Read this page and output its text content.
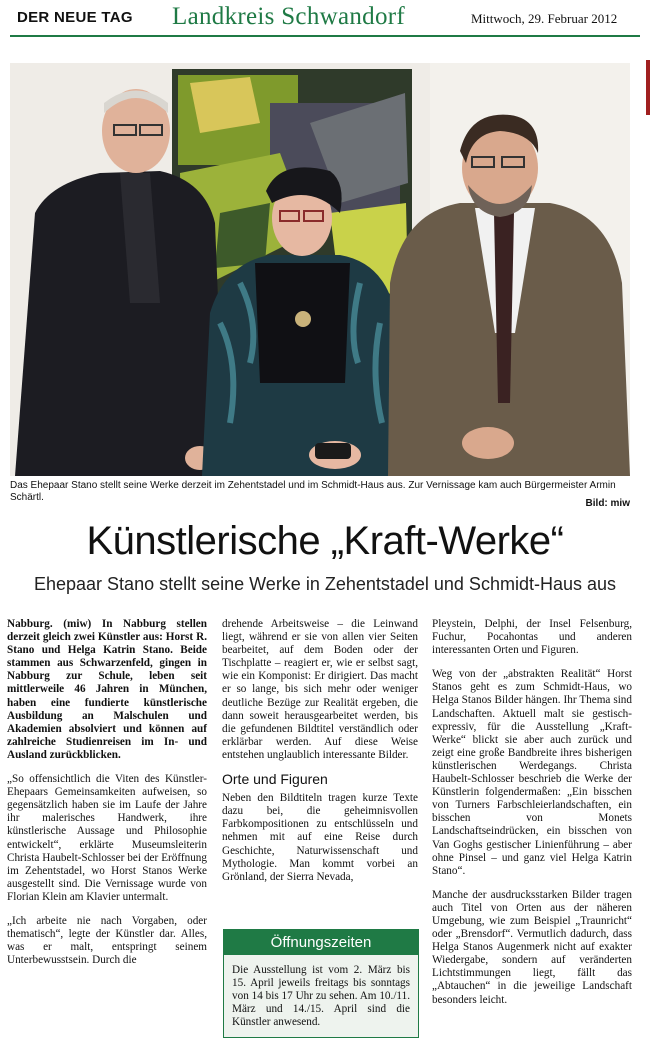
DER NEUE TAG Landkreis Schwandorf	Mittwoch, 29. Februar 2012
Das Ehepaar Stano stellt seine Werke derzeit im Zehentstadel und im Schmidt-Haus aus. Zur Vernissage kam auch Bürgermeister Armin Schärtl.
Bild: miw
Künstlerische „Kraft-Werke“
Ehepaar Stano stellt seine Werke in Zehentstadel und Schmidt-Haus aus

Nabburg. (miw) In Nabburg stellen derzeit gleich zwei Künstler aus: Horst R. Stano und Helga Katrin Stano. Beide stammen aus Schwarzenfeld, gingen in Nabburg zur Schule, leben seit mittlerweile 46 Jahren in München, haben eine fundierte künstlerische Ausbildung an Malschulen und Akademien absolviert und können auf zahlreiche Studienreisen im In- und Ausland zurückblicken.

„So offensichtlich die Viten des Künstler-Ehepaars Gemeinsamkeiten aufweisen, so gegensätzlich haben sie im Laufe der Jahre ihr malerisches Handwerk, ihre künstlerische Aussage und Philosophie entwickelt“, erklärte Museumsleiterin Christa Haubelt-Schlosser bei der Eröffnung im Zehentstadel, wo Horst Stanos Werke ausgestellt sind. Die Vernissage wurde von Florian Klein am Klavier untermalt.

„Ich arbeite nie nach Vorgaben, oder thematisch“, legte der Künstler dar. Alles, was er malt, entspringt seinem Unterbewusstsein. Durch die

drehende Arbeitsweise – die Leinwand liegt, während er sie von allen vier Seiten bearbeitet, auf dem Boden oder der Tischplatte – reagiert er, wie er selbst sagt, wie ein Komponist: Er dirigiert. Das macht er so lange, bis sich mehr oder weniger deutliche Bezüge zur Realität ergeben, die dann soweit herausgearbeitet werden, bis die gefundenen Bildtitel verständlich oder erklärbar werden. Auf diese Weise entstehen unglaublich interessante Bilder.

Orte und Figuren

Neben den Bildtiteln tragen kurze Texte dazu bei, die geheimnisvollen Farbkompositionen zu entschlüsseln und nehmen mit auf eine Reise durch Geschichte, Naturwissenschaft und Mythologie. Man kommt vorbei an Grönland, der Sierra Nevada,

Öffnungszeiten
Die Ausstellung ist vom 2. März bis 15. April jeweils freitags bis sonntags von 14 bis 17 Uhr zu sehen. Am 10./11. März und 14./15. April sind die Künstler anwesend.

Pleystein, Delphi, der Insel Felsenburg, Fuchur, Pocahontas und anderen interessanten Orten und Figuren.

Weg von der „abstrakten Realität“ Horst Stanos geht es zum Schmidt-Haus, wo Helga Stanos Bilder hängen. Ihr Thema sind Landschaften. Aktuell malt sie gestisch-expressiv, für die Ausstellung „Kraft-Werke“ blickt sie aber auch zurück und zeigt eine große Bandbreite ihres bisherigen künstlerischen Werdegangs. Christa Haubelt-Schlosser beschrieb die Werke der Künstlerin folgendermaßen: „Ein bisschen von Turners Farbschleierlandschaften, ein bisschen von Monets Landschaftseindrücken, ein bisschen von Van Goghs gestischer Linienführung – aber ohne Pinsel – und ganz viel Helga Katrin Stano“.

Manche der ausdrucksstarken Bilder tragen auch Titel von Orten aus der näheren Umgebung, wie zum Beispiel „Traunricht“ oder „Brensdorf“. Vermutlich dadurch, dass Helga Stanos Augenmerk nicht auf exakter Wiedergabe, sondern auf veränderten Lichtstimmungen liegt, fällt das „Abtauchen“ in die jeweilige Landschaft besonders leicht.
